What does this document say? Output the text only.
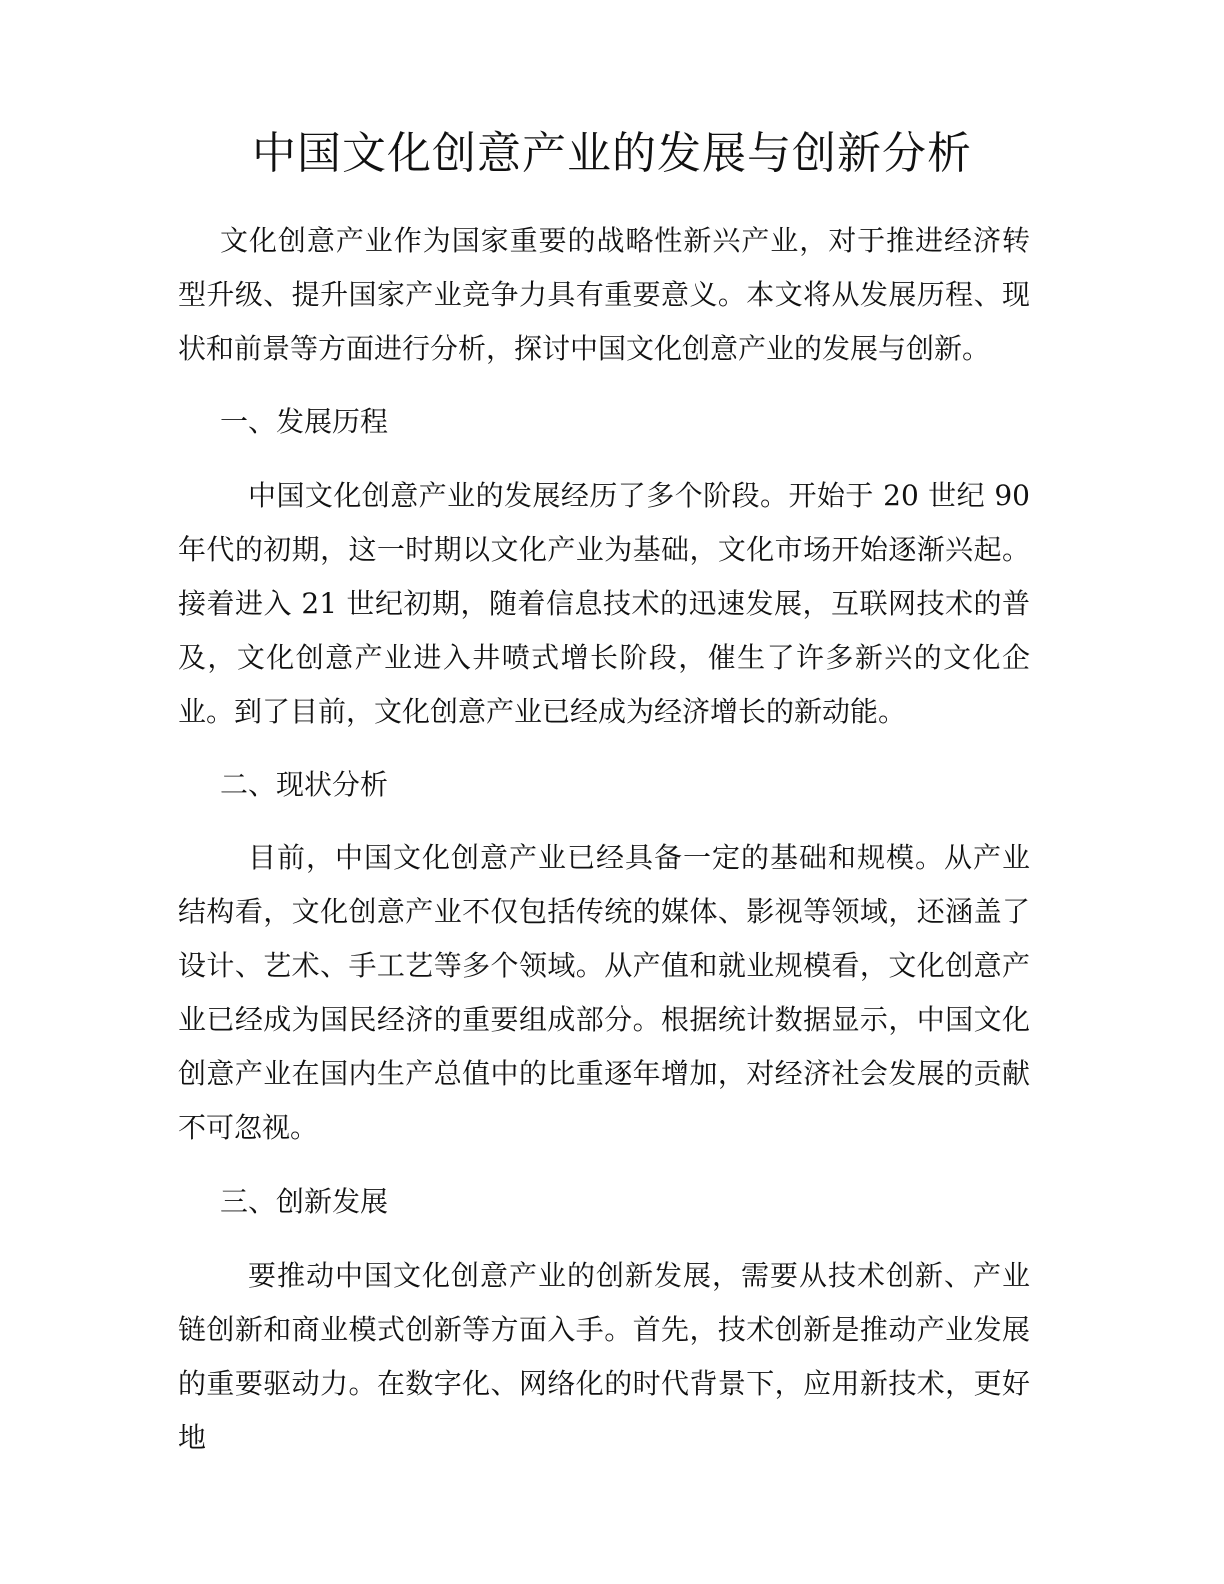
中国文化创意产业的发展与创新分析

文化创意产业作为国家重要的战略性新兴产业，对于推进经济转型升级、提升国家产业竞争力具有重要意义。本文将从发展历程、现状和前景等方面进行分析，探讨中国文化创意产业的发展与创新。

一、发展历程

中国文化创意产业的发展经历了多个阶段。开始于 20 世纪 90 年代的初期，这一时期以文化产业为基础，文化市场开始逐渐兴起。接着进入 21 世纪初期，随着信息技术的迅速发展，互联网技术的普及，文化创意产业进入井喷式增长阶段，催生了许多新兴的文化企业。到了目前，文化创意产业已经成为经济增长的新动能。

二、现状分析

目前，中国文化创意产业已经具备一定的基础和规模。从产业结构看，文化创意产业不仅包括传统的媒体、影视等领域，还涵盖了设计、艺术、手工艺等多个领域。从产值和就业规模看，文化创意产业已经成为国民经济的重要组成部分。根据统计数据显示，中国文化创意产业在国内生产总值中的比重逐年增加，对经济社会发展的贡献不可忽视。

三、创新发展

要推动中国文化创意产业的创新发展，需要从技术创新、产业链创新和商业模式创新等方面入手。首先，技术创新是推动产业发展的重要驱动力。在数字化、网络化的时代背景下，应用新技术，更好地
